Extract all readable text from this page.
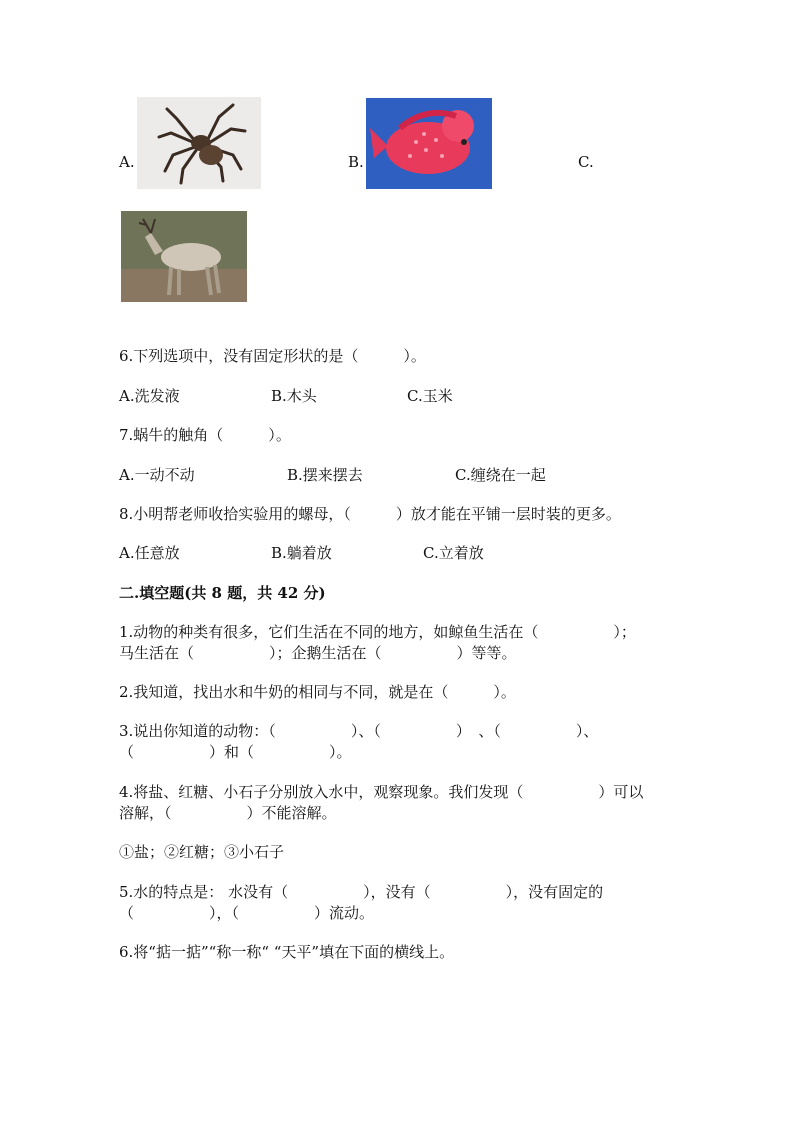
A.	B.	C.
6.下列选项中，没有固定形状的是（　　　）。
A.洗发液	B.木头	C.玉米
7.蜗牛的触角（　　　）。
A.一动不动	B.摆来摆去	C.缠绕在一起
8.小明帮老师收拾实验用的螺母，（　　　）放才能在平铺一层时装的更多。
A.任意放	B.躺着放	C.立着放
二.填空题(共 8 题，共 42 分)
1.动物的种类有很多，它们生活在不同的地方，如鲸鱼生活在（　　　　　）；
马生活在（　　　　　）；企鹅生活在（　　　　　）等等。
2.我知道，找出水和牛奶的相同与不同，就是在（　　　）。
3.说出你知道的动物：（　　　　　）、（　　　　　）　、（　　　　　）、
（　　　　　）和（　　　　　）。
4.将盐、红糖、小石子分别放入水中，观察现象。我们发现（　　　　　）可以
溶解，（　　　　　）不能溶解。
①盐；②红糖；③小石子
5.水的特点是： 水没有（　　　　　），没有（　　　　　），没有固定的
（　　　　　），（　　　　　）流动。
6.将“掂一掂”“称一称“ “天平”填在下面的横线上。
